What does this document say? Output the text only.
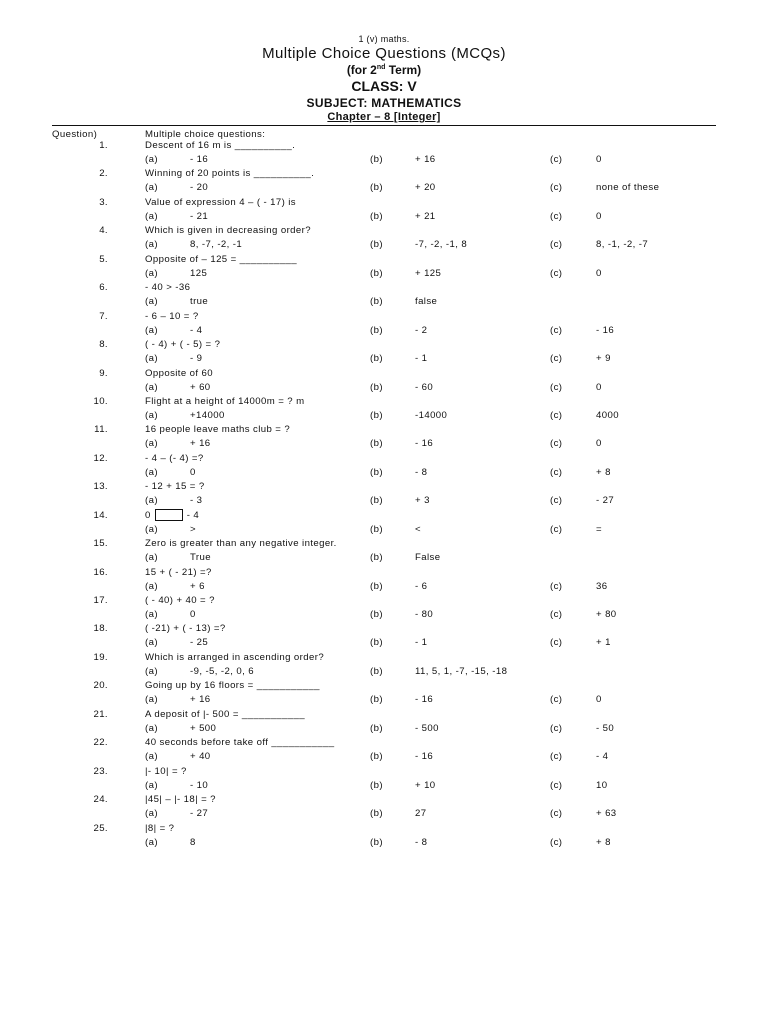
1 (v) maths.
Multiple Choice Questions (MCQs)
(for 2nd Term)
CLASS: V
SUBJECT: MATHEMATICS
Chapter – 8 [Integer]
Question)	Multiple choice questions:
1.	Descent of 16 m is __________.
(a)	- 16	(b)	+ 16	(c)	0
2.	Winning of 20 points is __________.
(a)	- 20	(b)	+ 20	(c)	none of these
3.	Value of expression 4 – ( - 17) is
(a)	- 21	(b)	+ 21	(c)	0
4.	Which is given in decreasing order?
(a)	8, -7, -2, -1	(b)	-7, -2, -1, 8	(c)	8, -1, -2, -7
5.	Opposite of – 125 = __________
(a)	125	(b)	+ 125	(c)	0
6.	- 40 > -36
(a)	true	(b)	false
7.	- 6 – 10 = ?
(a)	- 4	(b)	- 2	(c)	- 16
8.	( - 4) + ( - 5) = ?
(a)	- 9	(b)	- 1	(c)	+ 9
9.	Opposite of 60
(a)	+ 60	(b)	- 60	(c)	0
10.	Flight at a height of 14000m = ? m
(a)	+14000	(b)	-14000	(c)	4000
11.	16 people leave maths club = ?
(a)	+ 16	(b)	- 16	(c)	0
12.	- 4 – (- 4) =?
(a)	0	(b)	- 8	(c)	+ 8
13.	- 12 + 15 = ?
(a)	- 3	(b)	+ 3	(c)	- 27
14.	0	- 4
(a)	>	(b)	<	(c)	=
15.	Zero is greater than any negative integer.
(a)	True	(b)	False
16.	15 + ( - 21) =?
(a)	+ 6	(b)	- 6	(c)	36
17.	( - 40) + 40 = ?
(a)	0	(b)	- 80	(c)	+ 80
18.	( -21) + ( - 13) =?
(a)	- 25	(b)	- 1	(c)	+ 1
19.	Which is arranged in ascending order?
(a)	-9, -5, -2, 0, 6	(b)	11, 5, 1, -7, -15, -18
20.	Going up by 16 floors = ___________
(a)	+ 16	(b)	- 16	(c)	0
21.	A deposit of |- 500 = ___________
(a)	+ 500	(b)	- 500	(c)	- 50
22.	40 seconds before take off ___________
(a)	+ 40	(b)	- 16	(c)	- 4
23.	|- 10| = ?
(a)	- 10	(b)	+ 10	(c)	10
24.	|45| – |- 18| = ?
(a)	- 27	(b)	27	(c)	+ 63
25.	|8| = ?
(a)	8	(b)	- 8	(c)	+ 8
